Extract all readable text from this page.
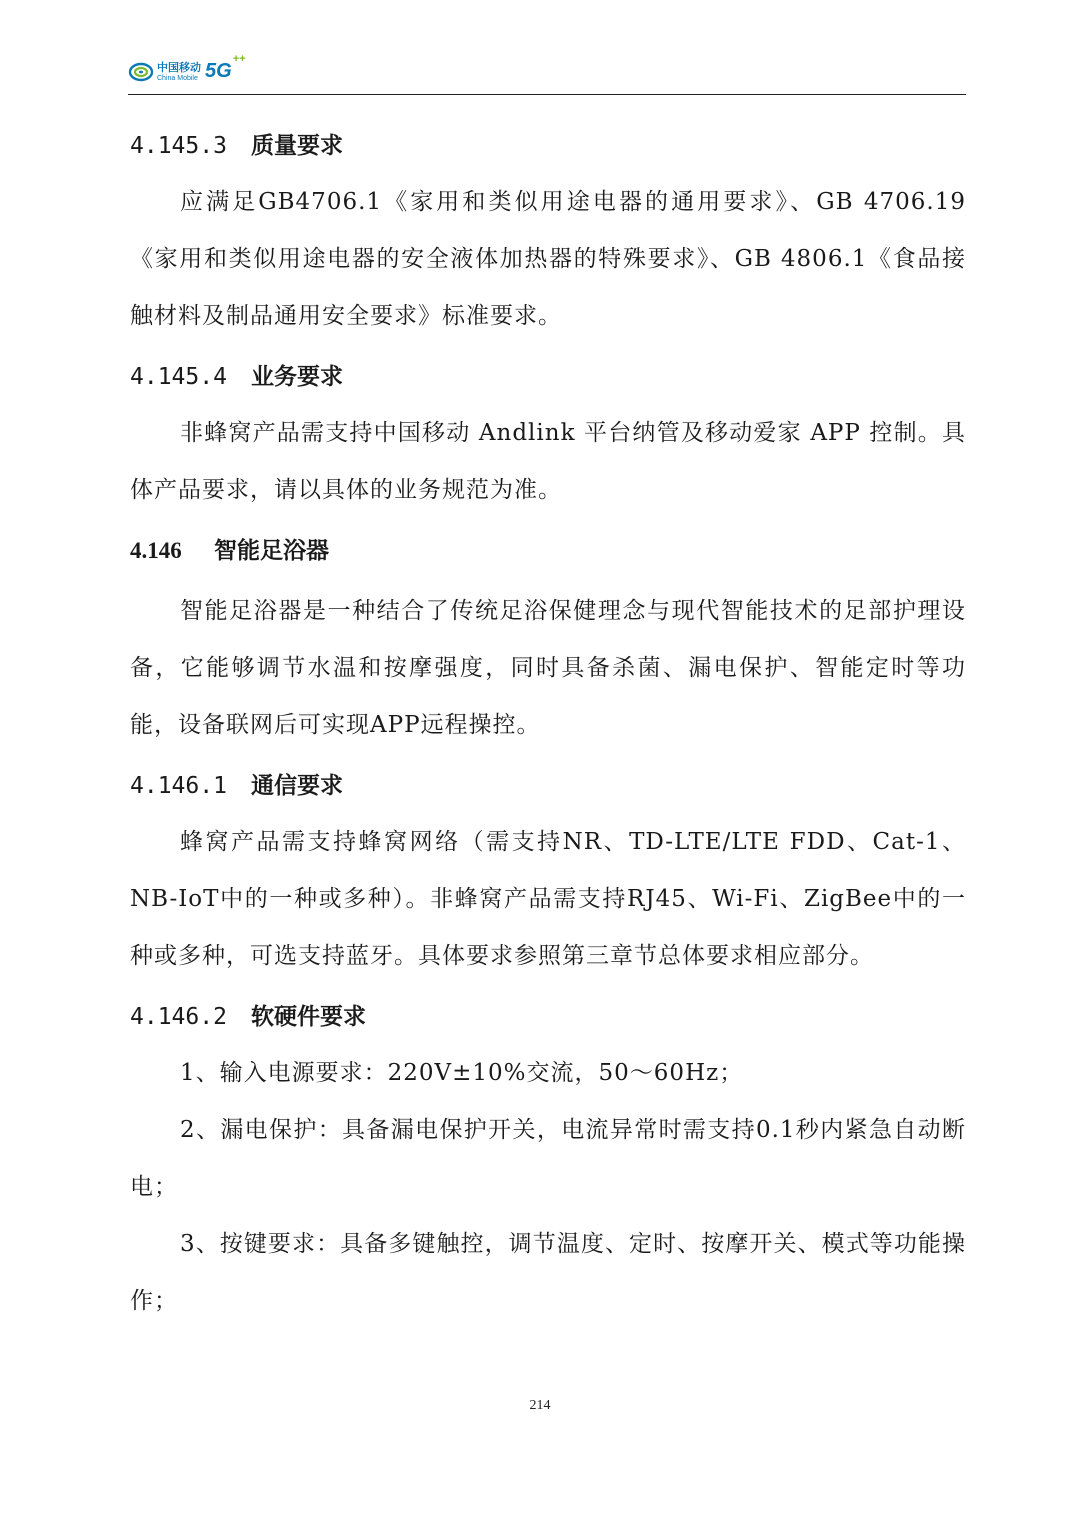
中国移动
China Mobile 5G
++
4.145.3 质量要求

应满足GB4706.1《家用和类似用途电器的通用要求》、GB 4706.19《家用和类似用途电器的安全液体加热器的特殊要求》、GB 4806.1《食品接触材料及制品通用安全要求》标准要求。

4.145.4 业务要求

非蜂窝产品需支持中国移动 Andlink 平台纳管及移动爱家 APP 控制。具体产品要求，请以具体的业务规范为准。

4.146 智能足浴器

智能足浴器是一种结合了传统足浴保健理念与现代智能技术的足部护理设备，它能够调节水温和按摩强度，同时具备杀菌、漏电保护、智能定时等功能，设备联网后可实现APP远程操控。

4.146.1 通信要求

蜂窝产品需支持蜂窝网络（需支持NR、TD-LTE/LTE FDD、Cat-1、NB-IoT中的一种或多种）。非蜂窝产品需支持RJ45、Wi-Fi、ZigBee中的一种或多种，可选支持蓝牙。具体要求参照第三章节总体要求相应部分。

4.146.2 软硬件要求

1、输入电源要求：220V±10%交流，50～60Hz；

2、漏电保护：具备漏电保护开关，电流异常时需支持0.1秒内紧急自动断电；

3、按键要求：具备多键触控，调节温度、定时、按摩开关、模式等功能操作；

214
